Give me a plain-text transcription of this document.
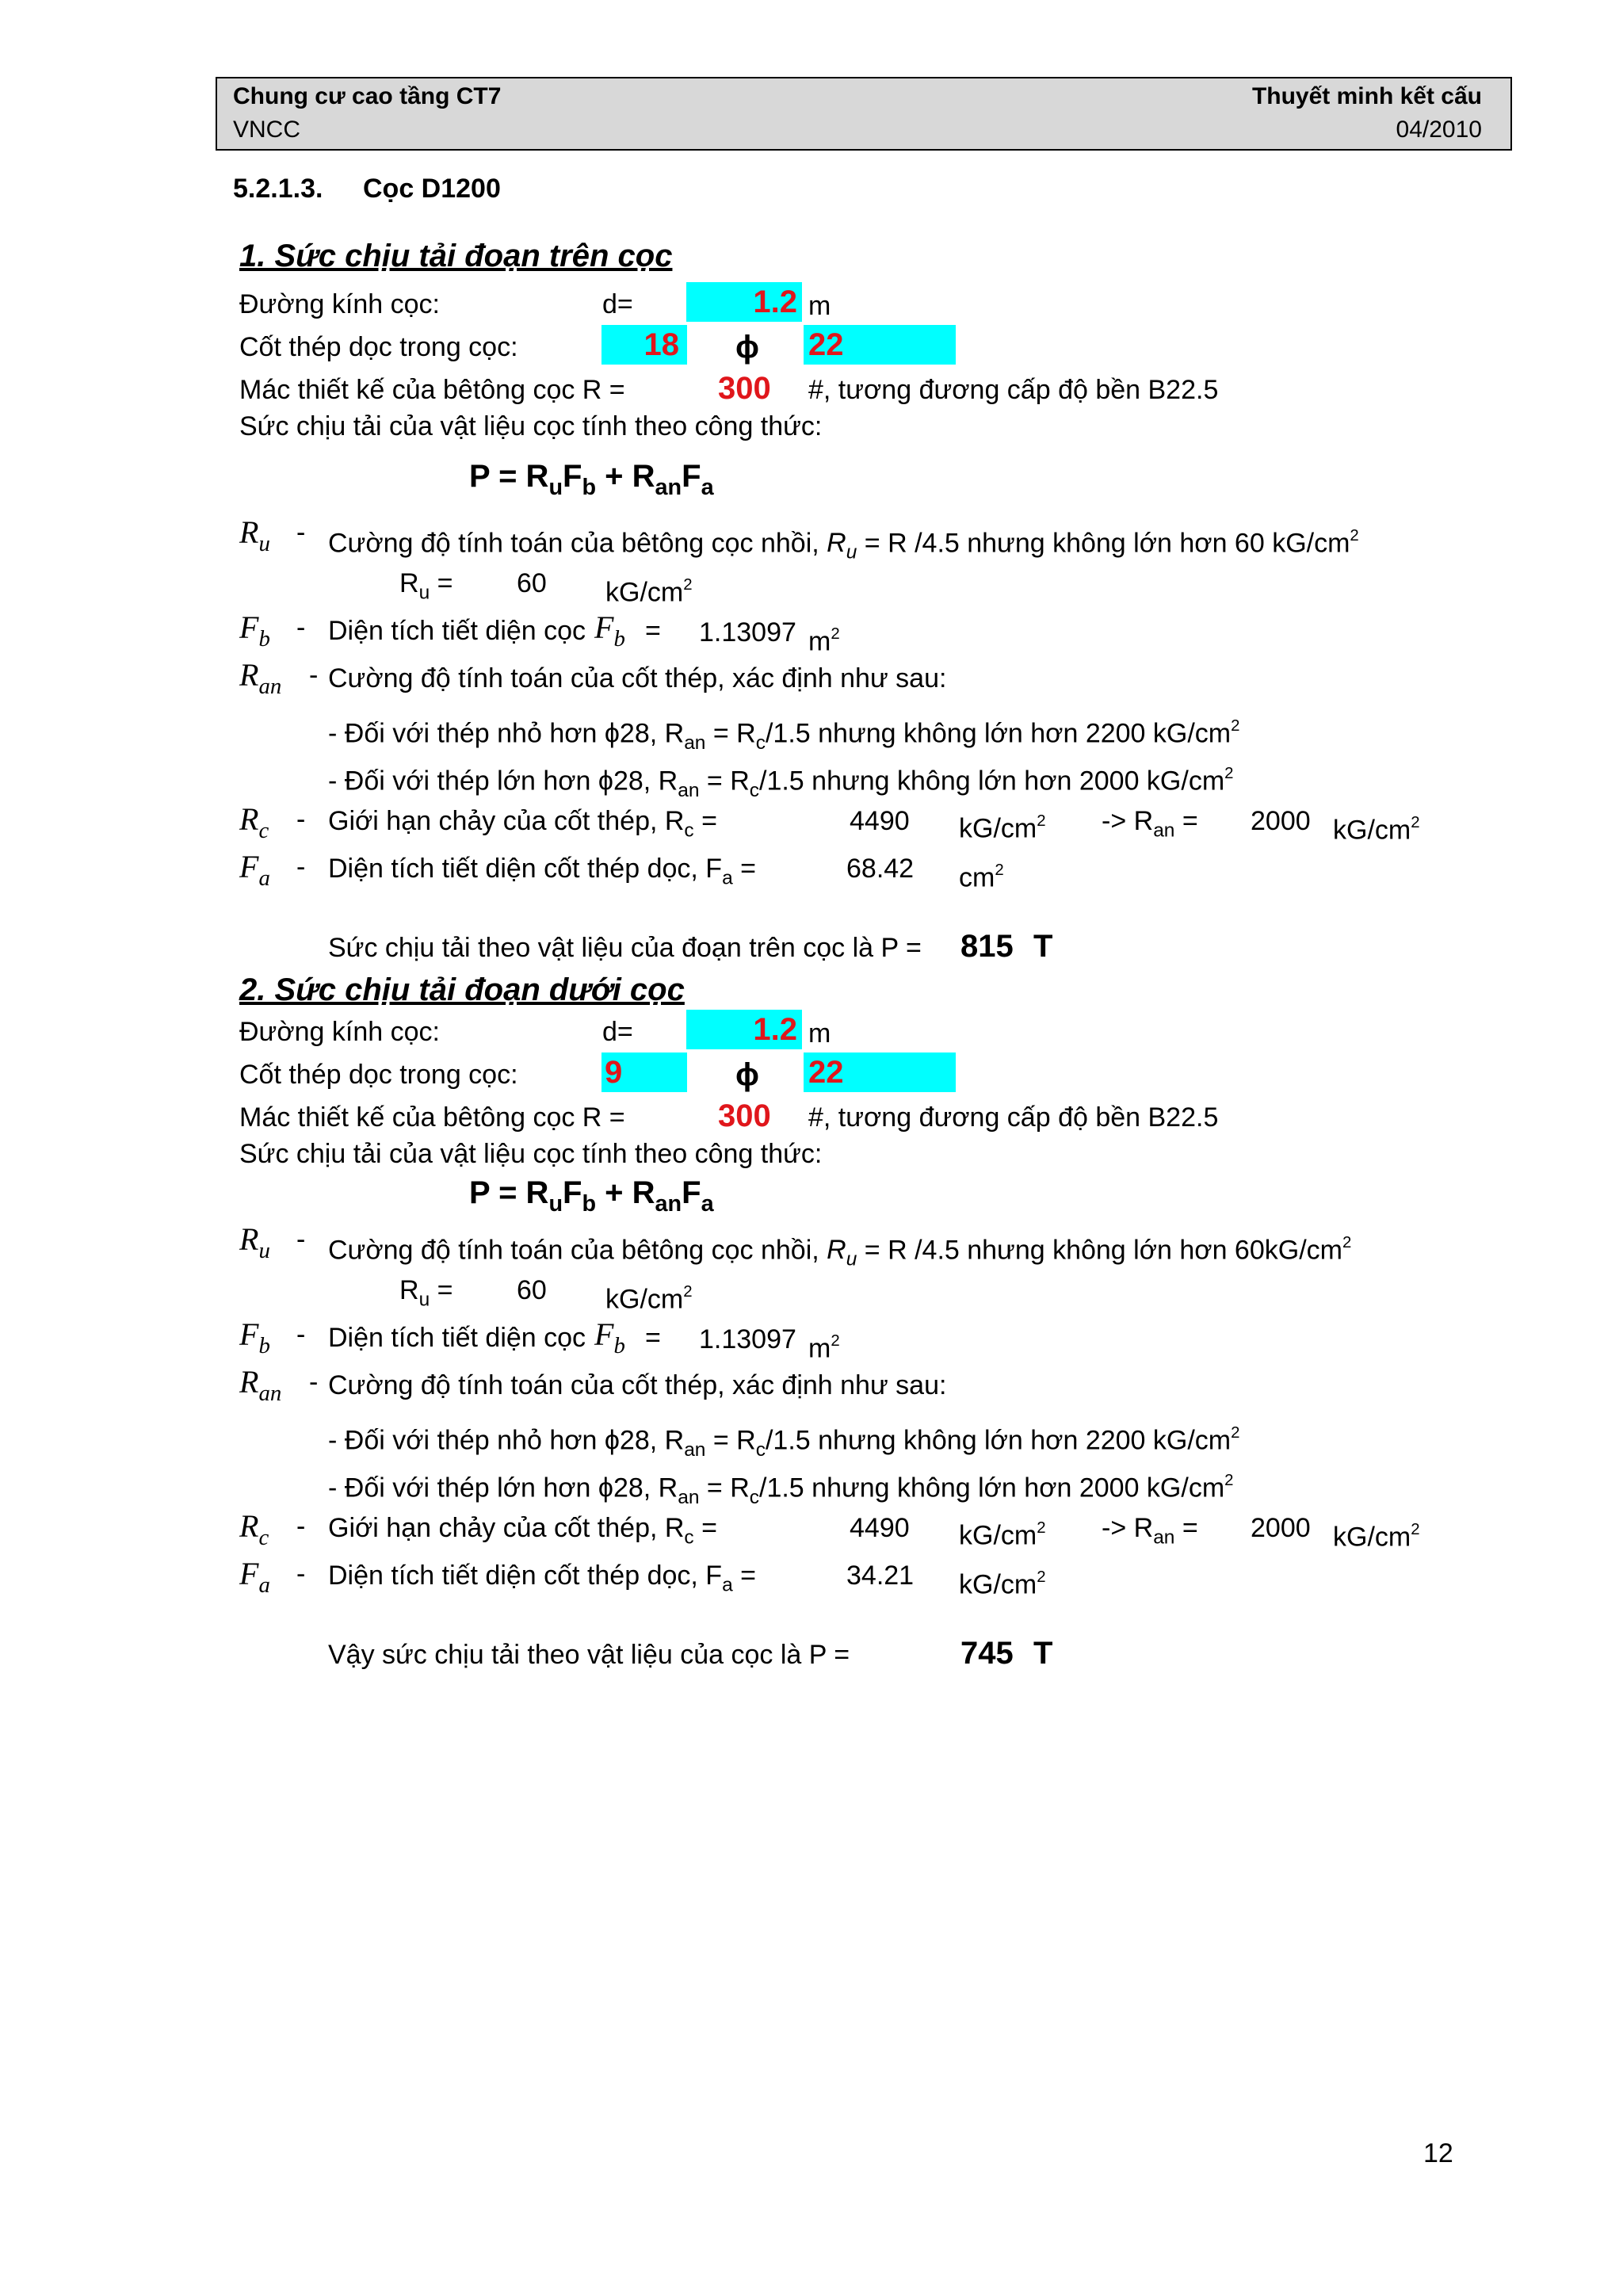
Chung cư cao tầng CT7	Thuyết minh kết cấu
VNCC	04/2010
5.2.1.3. Cọc D1200
1. Sức chịu tải đoạn trên cọc
Đường kính cọc:	d=	1.2 m
Cốt thép dọc trong cọc:	18 ϕ 22
Mác thiết kế của bêtông cọc R =	300 #, tương đương cấp độ bền B22.5
Sức chịu tải của vật liệu cọc tính theo công thức:
$P = R_uF_b + R_{an}F_a$
$R_u$ - Cường độ tính toán của bêtông cọc nhồi, $R_u = R$ /4.5 nhưng không lớn hơn 60 $kG/cm^2$
$R_u = 60$ $kG/cm^2$
$F_b$ - Diện tích tiết diện cọc $F_b = 1.13097$ $m^2$
$R_{an}$ - Cường độ tính toán của cốt thép, xác định như sau:
- Đối với thép nhỏ hơn ϕ28, $R_{an} = R_c/1.5$ nhưng không lớn hơn 2200 $kG/cm^2$
- Đối với thép lớn hơn ϕ28, $R_{an} = R_c/1.5$ nhưng không lớn hơn 2000 $kG/cm^2$
$R_c$ - Giới hạn chảy của cốt thép, $R_c$ =	4490 $kG/cm^2 -> R_{an} = 2000$ $kG/cm^2$
$F_a$ - Diện tích tiết diện cốt thép dọc, $F_a$ =	68.42 $cm^2$
Sức chịu tải theo vật liệu của đoạn trên cọc là P = 815 T
2. Sức chịu tải đoạn dưới cọc
Đường kính cọc:	d=	1.2 m
Cốt thép dọc trong cọc:	9	ϕ 22
Mác thiết kế của bêtông cọc R =	300 #, tương đương cấp độ bền B22.5
Sức chịu tải của vật liệu cọc tính theo công thức:
$P = R_uF_b + R_{an}F_a$
$R_u$ - Cường độ tính toán của bêtông cọc nhồi, $R_u = R$ /4.5 nhưng không lớn hơn $60kG/cm^2$
$R_u = 60$ $kG/cm^2$
$F_b$ - Diện tích tiết diện cọc $F_b = 1.13097$ $m^2$
$R_{an}$ - Cường độ tính toán của cốt thép, xác định như sau:
- Đối với thép nhỏ hơn ϕ28, $R_{an} = R_c/1.5$ nhưng không lớn hơn 2200 $kG/cm^2$
- Đối với thép lớn hơn ϕ28, $R_{an} = R_c/1.5$ nhưng không lớn hơn 2000 $kG/cm^2$
$R_c$ - Giới hạn chảy của cốt thép, $R_c$ =	4490 $kG/cm^2 -> R_{an} = 2000$ $kG/cm^2$
$F_a$ - Diện tích tiết diện cốt thép dọc, $F_a$ =	34.21 $kG/cm^2$
Vậy sức chịu tải theo vật liệu của cọc là P =	745 T
12
